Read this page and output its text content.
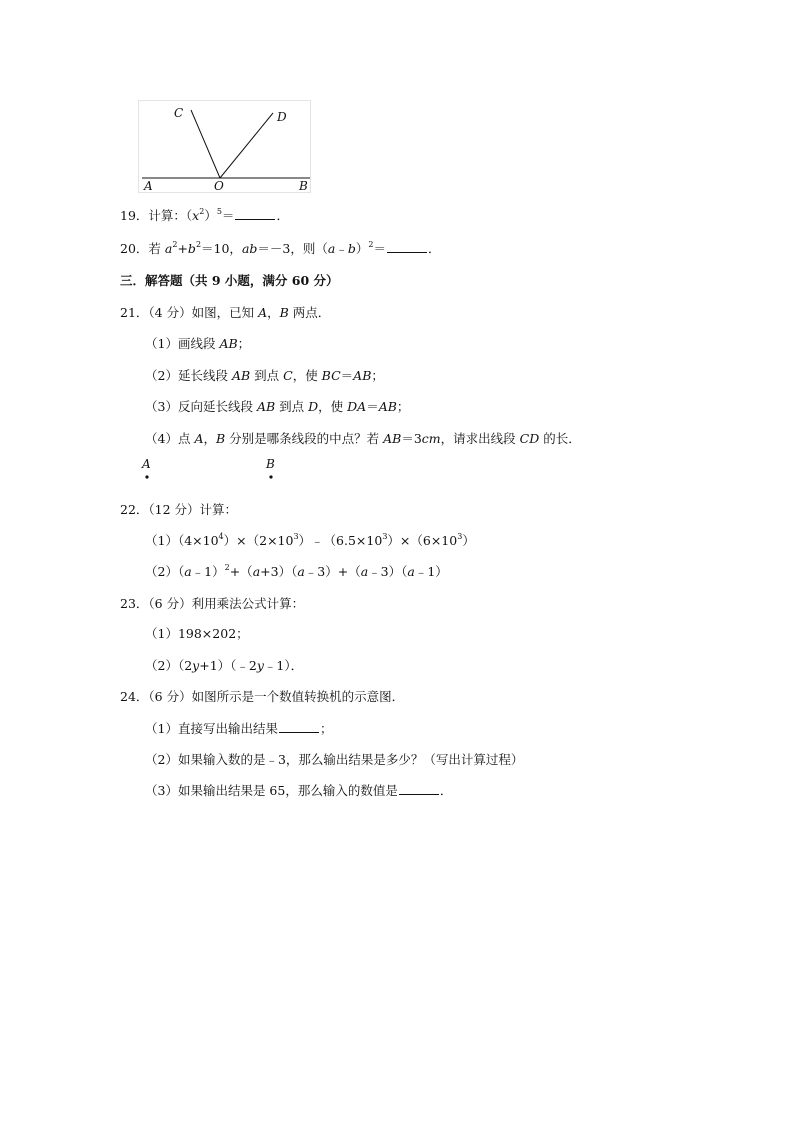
C	D
A	O	B
19．计算：$(x^2)^5=$	．
20．若 $a^2+b^2=10$，ab＝－3，则（a﹣b）$^2$＝	．
三．解答题（共 9 小题，满分 60 分）
21．（4 分）如图，已知 A，B 两点．
（1）画线段 AB；
（2）延长线段 AB 到点 C，使 BC＝AB；
（3）反向延长线段 AB 到点 D，使 DA＝AB；
（4）点 A，B 分别是哪条线段的中点？若 AB＝3cm，请求出线段 CD 的长．
A	B
22．（12 分）计算：
$(1)(4\times 10^4)\times(2\times 10^3)﹣(6.5\times 10^3)\times(6\times 10^3)$
（2）（a﹣1）$^2$+（a+3）（a﹣3）+（a﹣3）（a﹣1）
23．（6 分）利用乘法公式计算：
（1）198×202；
（2）（2y+1）（﹣2y﹣1）．
24．（6 分）如图所示是一个数值转换机的示意图．
（1）直接写出输出结果	；
（2）如果输入数的是﹣3，那么输出结果是多少？（写出计算过程）
（3）如果输出结果是 65，那么输入的数值是	．
